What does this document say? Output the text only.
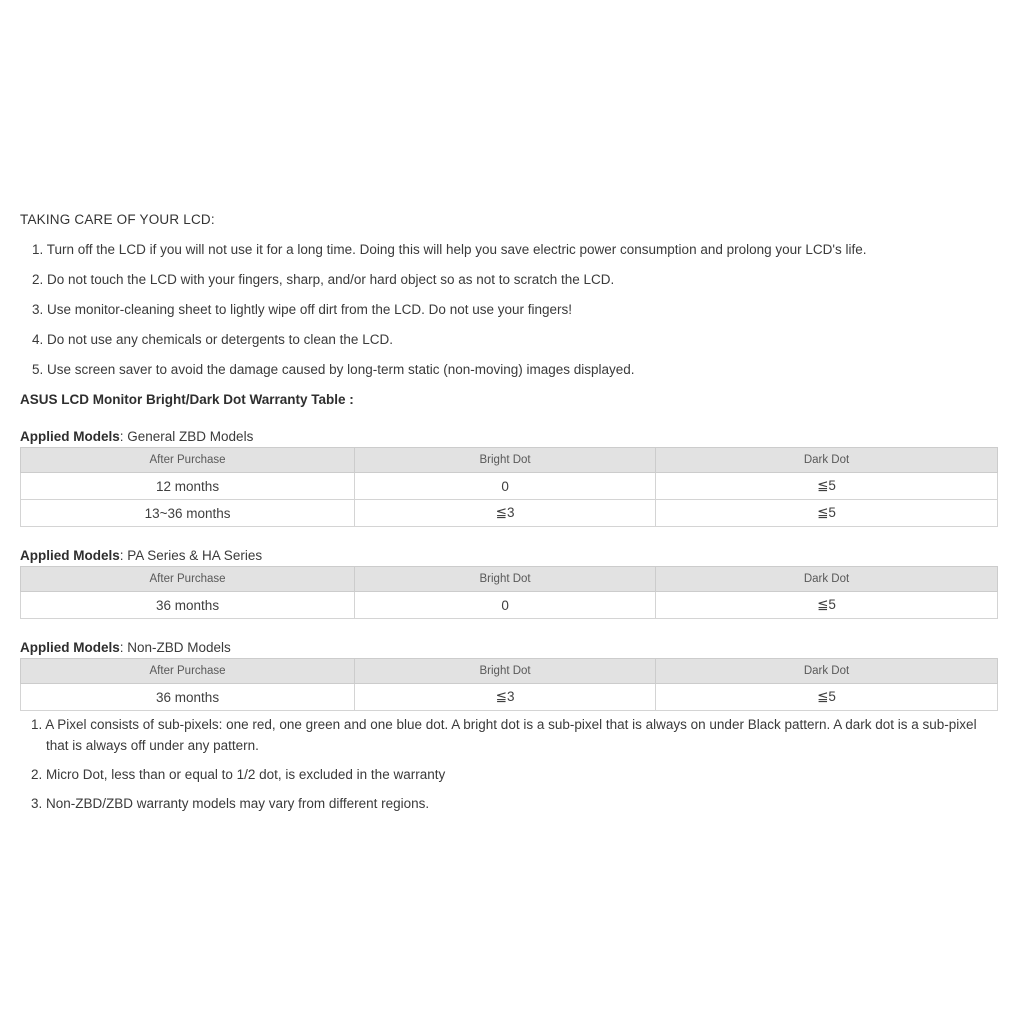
TAKING CARE OF YOUR LCD:
1. Turn off the LCD if you will not use it for a long time. Doing this will help you save electric power consumption and prolong your LCD's life.
2. Do not touch the LCD with your fingers, sharp, and/or hard object so as not to scratch the LCD.
3. Use monitor-cleaning sheet to lightly wipe off dirt from the LCD. Do not use your fingers!
4. Do not use any chemicals or detergents to clean the LCD.
5. Use screen saver to avoid the damage caused by long-term static (non-moving) images displayed.
ASUS LCD Monitor Bright/Dark Dot Warranty Table :
Applied Models: General ZBD Models
After Purchase	Bright Dot	Dark Dot
12 months	0	≦5
13~36 months	≦3	≦5
Applied Models: PA Series & HA Series
After Purchase	Bright Dot	Dark Dot
36 months	0	≦5
Applied Models: Non-ZBD Models
After Purchase	Bright Dot	Dark Dot
36 months	≦3	≦5
1. A Pixel consists of sub-pixels: one red, one green and one blue dot. A bright dot is a sub-pixel that is always on under Black pattern. A dark dot is a sub-pixel that is always off under any pattern.
2. Micro Dot, less than or equal to 1/2 dot, is excluded in the warranty
3. Non-ZBD/ZBD warranty models may vary from different regions.
